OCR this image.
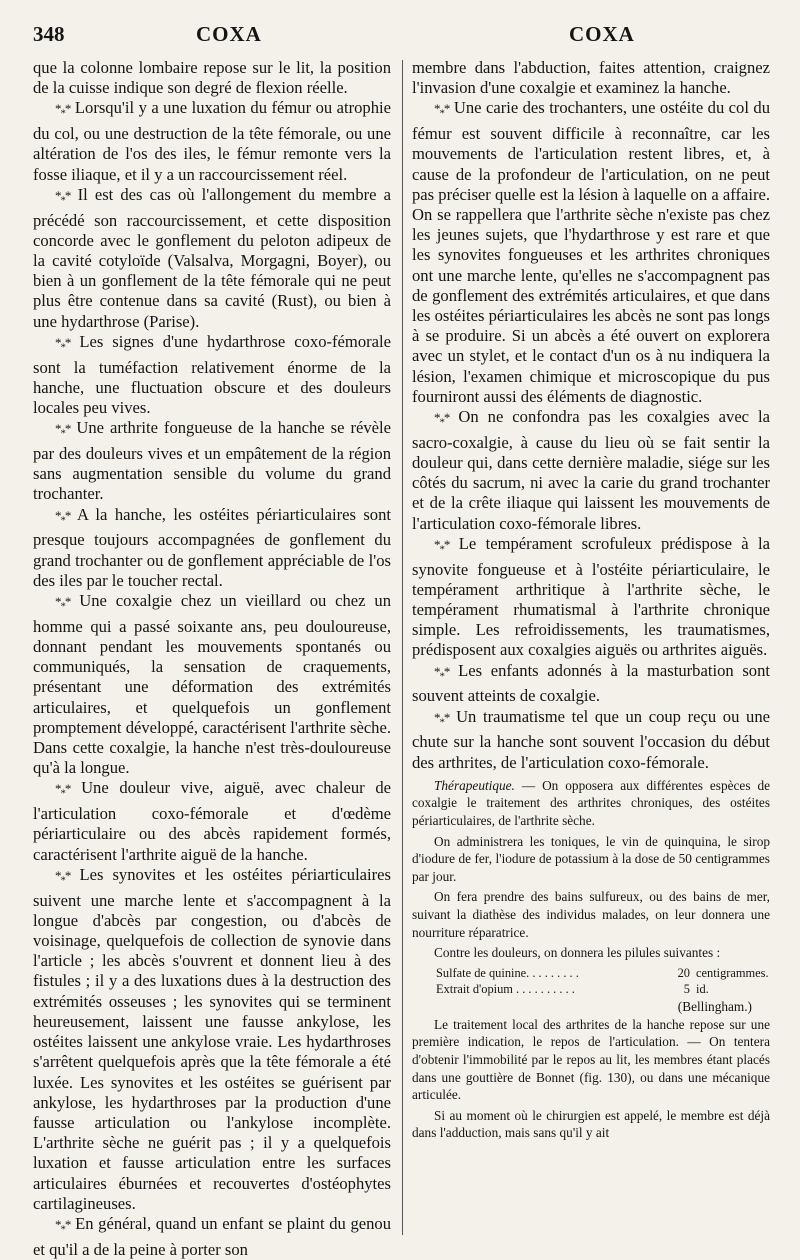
348	COXA	COXA

que la colonne lombaire repose sur le lit, la position de la cuisse indique son degré de flexion réelle.

$*_**$ Lorsqu'il y a une luxation du fémur ou atrophie du col, ou une destruction de la tête fémorale, ou une altération de l'os des iles, le fémur remonte vers la fosse iliaque, et il y a un raccourcissement réel.

$*_**$ Il est des cas où l'allongement du membre a précédé son raccourcissement, et cette disposition concorde avec le gonflement du peloton adipeux de la cavité cotyloïde (Valsalva, Morgagni, Boyer), ou bien à un gonflement de la tête fémorale qui ne peut plus être contenue dans sa cavité (Rust), ou bien à une hydarthrose (Parise).

$*_**$ Les signes d'une hydarthrose coxo-fémorale sont la tuméfaction relativement énorme de la hanche, une fluctuation obscure et des douleurs locales peu vives.

$*_**$ Une arthrite fongueuse de la hanche se révèle par des douleurs vives et un empâtement de la région sans augmentation sensible du volume du grand trochanter.

$*_**$ A la hanche, les ostéites périarticulaires sont presque toujours accompagnées de gonflement du grand trochanter ou de gonflement appréciable de l'os des iles par le toucher rectal.

$*_**$ Une coxalgie chez un vieillard ou chez un homme qui a passé soixante ans, peu douloureuse, donnant pendant les mouvements spontanés ou communiqués, la sensation de craquements, présentant une déformation des extrémités articulaires, et quelquefois un gonflement promptement développé, caractérisent l'arthrite sèche. Dans cette coxalgie, la hanche n'est très-douloureuse qu'à la longue.

$*_**$ Une douleur vive, aiguë, avec chaleur de l'articulation coxo-fémorale et d'œdème périarticulaire ou des abcès rapidement formés, caractérisent l'arthrite aiguë de la hanche.

$*_**$ Les synovites et les ostéites périarticulaires suivent une marche lente et s'accompagnent à la longue d'abcès par congestion, ou d'abcès de voisinage, quelquefois de collection de synovie dans l'article ; les abcès s'ouvrent et donnent lieu à des fistules ; il y a des luxations dues à la destruction des extrémités osseuses ; les synovites qui se terminent heureusement, laissent une fausse ankylose, les ostéites laissent une ankylose vraie. Les hydarthroses s'arrêtent quelquefois après que la tête fémorale a été luxée. Les synovites et les ostéites se guérisent par ankylose, les hydarthroses par la production d'une fausse articulation ou l'ankylose incomplète. L'arthrite sèche ne guérit pas ; il y a quelquefois luxation et fausse articulation entre les surfaces articulaires éburnées et recouvertes d'ostéophytes cartilagineuses.

$*_**$ En général, quand un enfant se plaint du genou et qu'il a de la peine à porter son

membre dans l'abduction, faites attention, craignez l'invasion d'une coxalgie et examinez la hanche.

$*_**$ Une carie des trochanters, une ostéite du col du fémur est souvent difficile à reconnaître, car les mouvements de l'articulation restent libres, et, à cause de la profondeur de l'articulation, on ne peut pas préciser quelle est la lésion à laquelle on a affaire. On se rappellera que l'arthrite sèche n'existe pas chez les jeunes sujets, que l'hydarthrose y est rare et que les synovites fongueuses et les arthrites chroniques ont une marche lente, qu'elles ne s'accompagnent pas de gonflement des extrémités articulaires, et que dans les ostéites périarticulaires les abcès ne sont pas longs à se produire. Si un abcès a été ouvert on explorera avec un stylet, et le contact d'un os à nu indiquera la lésion, l'examen chimique et microscopique du pus fourniront aussi des éléments de diagnostic.

$*_**$ On ne confondra pas les coxalgies avec la sacro-coxalgie, à cause du lieu où se fait sentir la douleur qui, dans cette dernière maladie, siége sur les côtés du sacrum, ni avec la carie du grand trochanter et de la crête iliaque qui laissent les mouvements de l'articulation coxo-fémorale libres.

$*_**$ Le tempérament scrofuleux prédispose à la synovite fongueuse et à l'ostéite périarticulaire, le tempérament arthritique à l'arthrite sèche, le tempérament rhumatismal à l'arthrite chronique simple. Les refroidissements, les traumatismes, prédisposent aux coxalgies aiguës ou arthrites aiguës.

$*_**$ Les enfants adonnés à la masturbation sont souvent atteints de coxalgie.

$*_**$ Un traumatisme tel que un coup reçu ou une chute sur la hanche sont souvent l'occasion du début des arthrites, de l'articulation coxo-fémorale.

Thérapeutique. — On opposera aux différentes espèces de coxalgie le traitement des arthrites chroniques, des ostéites périarticulaires, de l'arthrite sèche.

On administrera les toniques, le vin de quinquina, le sirop d'iodure de fer, l'iodure de potassium à la dose de 50 centigrammes par jour.

On fera prendre des bains sulfureux, ou des bains de mer, suivant la diathèse des individus malades, on leur donnera une nourriture réparatrice.

Contre les douleurs, on donnera les pilules suivantes :

Sulfate de quinine. . . . . . . . .	20 centigrammes.
Extrait d'opium . . . . . . . . . .	5 id.
(Bellingham.)

Le traitement local des arthrites de la hanche repose sur une première indication, le repos de l'articulation. — On tentera d'obtenir l'immobilité par le repos au lit, les membres étant placés dans une gouttière de Bonnet (fig. 130), ou dans une mécanique articulée.

Si au moment où le chirurgien est appelé, le membre est déjà dans l'adduction, mais sans qu'il y ait
